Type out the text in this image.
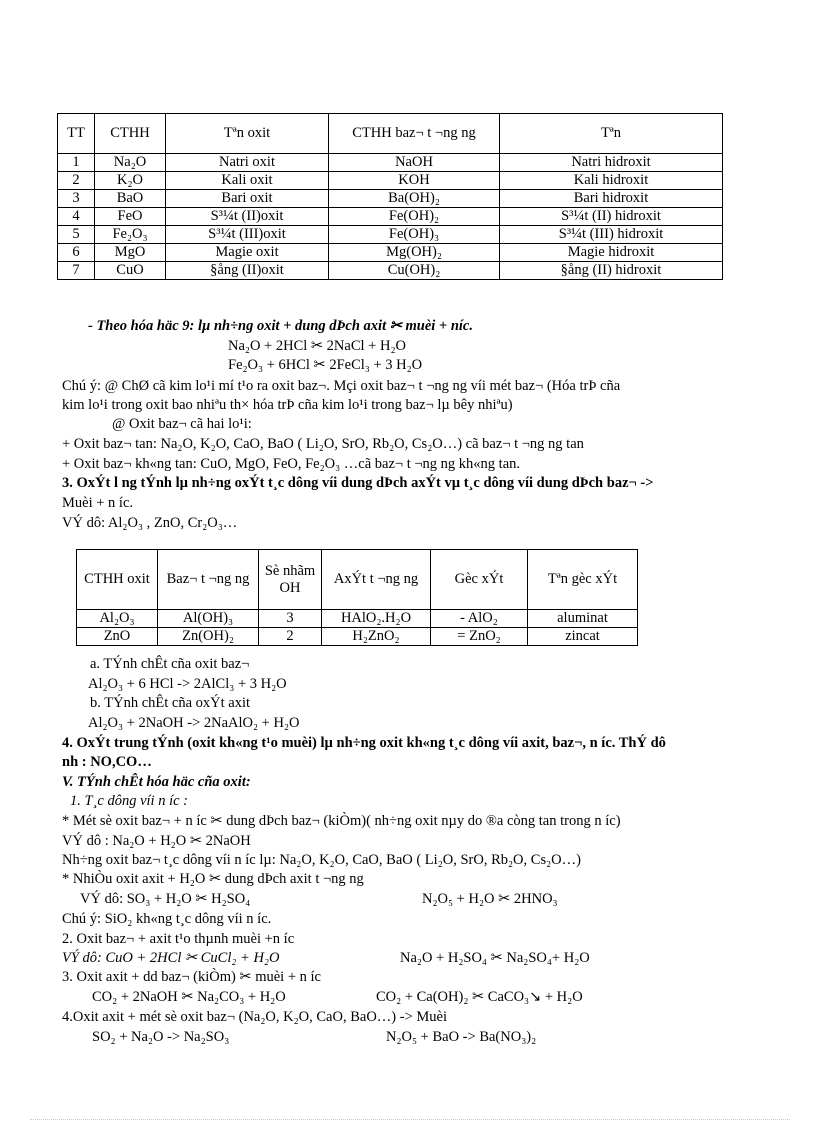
TT	CTHH	Tªn oxit	CTHH baz¬ t ¬ng ng	Tªn
1	Na₂O	Natri oxit	NaOH	Natri hidroxit
2	K₂O	Kali oxit	KOH	Kali hidroxit
3	BaO	Bari oxit	Ba(OH)₂	Bari hidroxit
4	FeO	S³¼t (II)oxit	Fe(OH)₂	S³¼t (II) hidroxit
5	Fe₂O₃	S³¼t (III)oxit	Fe(OH)₃	S³¼t (III) hidroxit
6	MgO	Magie oxit	Mg(OH)₂	Magie hidroxit
7	CuO	§ång (II)oxit	Cu(OH)₂	§ång (II) hidroxit
- Theo hóa häc 9: lµ nh÷ng oxit + dung dÞch axit ✂ muèi + níc.
Na₂O + 2HCl ✂ 2NaCl + H₂O
Fe₂O₃ + 6HCl ✂ 2FeCl₃ + 3 H₂O
Chú ý: @ ChØ cã kim lo¹i mí t¹o ra oxit baz¬. Mçi oxit baz¬ t ¬ng ng víi mét baz¬ (Hóa trÞ cña
kim lo¹i trong oxit bao nhiªu th× hóa trÞ cña kim lo¹i trong baz¬ lµ bêy nhiªu)
@ Oxit baz¬ cã hai lo¹i:
+ Oxit baz¬ tan: Na₂O, K₂O, CaO, BaO ( Li₂O, SrO, Rb₂O, Cs₂O…) cã baz¬ t ¬ng ng tan
+ Oxit baz¬ kh«ng tan: CuO, MgO, FeO, Fe₂O₃ …cã baz¬ t ¬ng ng kh«ng tan.
3. OxÝt l ng tÝnh lµ nh÷ng oxÝt t¸c dông víi dung dÞch axÝt vµ t¸c dông víi dung dÞch baz¬ ->
Muèi + n íc.
VÝ dô: Al₂O₃ , ZnO, Cr₂O₃…
CTHH oxit	Baz¬ t ¬ng ng	Sè nhãm OH	AxÝt t ¬ng ng	Gèc xÝt	Tªn gèc xÝt
Al₂O₃	Al(OH)₃	3	HAlO₂.H₂O	- AlO₂	aluminat
ZnO	Zn(OH)₂	2	H₂ZnO₂	= ZnO₂	zincat
a. TÝnh chÊt cña oxit baz¬
Al₂O₃ + 6 HCl -> 2AlCl₃ + 3 H₂O
b. TÝnh chÊt cña oxÝt axit
Al₂O₃ + 2NaOH -> 2NaAlO₂ + H₂O
4. OxÝt trung tÝnh (oxit kh«ng t¹o muèi) lµ nh÷ng oxit kh«ng t¸c dông víi axit, baz¬, n íc. ThÝ dô
nh : NO,CO…
V. TÝnh chÊt hóa häc cña oxit:
1. T¸c dông víi n íc :
* Mét sè oxit baz¬ + n íc ✂ dung dÞch baz¬ (kiÒm)( nh÷ng oxit nµy do ®a còng tan trong n íc)
VÝ dô : Na₂O + H₂O ✂ 2NaOH
Nh÷ng oxit baz¬ t¸c dông víi n íc lµ: Na₂O, K₂O, CaO, BaO ( Li₂O, SrO, Rb₂O, Cs₂O…)
* NhiÒu oxit axit + H₂O ✂ dung dÞch axit t ¬ng ng
VÝ dô: SO₃ + H₂O ✂ H₂SO₄	N₂O₅ + H₂O ✂ 2HNO₃
Chú ý: SiO₂ kh«ng t¸c dông víi n íc.
2. Oxit baz¬ + axit t¹o thµnh muèi +n íc
VÝ dô: CuO + 2HCl ✂ CuCl₂ + H₂O	Na₂O + H₂SO₄ ✂ Na₂SO₄+ H₂O
3. Oxit axit + dd baz¬ (kiÒm) ✂ muèi + n íc
CO₂ + 2NaOH ✂ Na₂CO₃ + H₂O	CO₂ + Ca(OH)₂ ✂ CaCO₃↘ + H₂O
4.Oxit axit + mét sè oxit baz¬ (Na₂O, K₂O, CaO, BaO…) -> Muèi
SO₂ + Na₂O -> Na₂SO₃	N₂O₅ + BaO -> Ba(NO₃)₂
